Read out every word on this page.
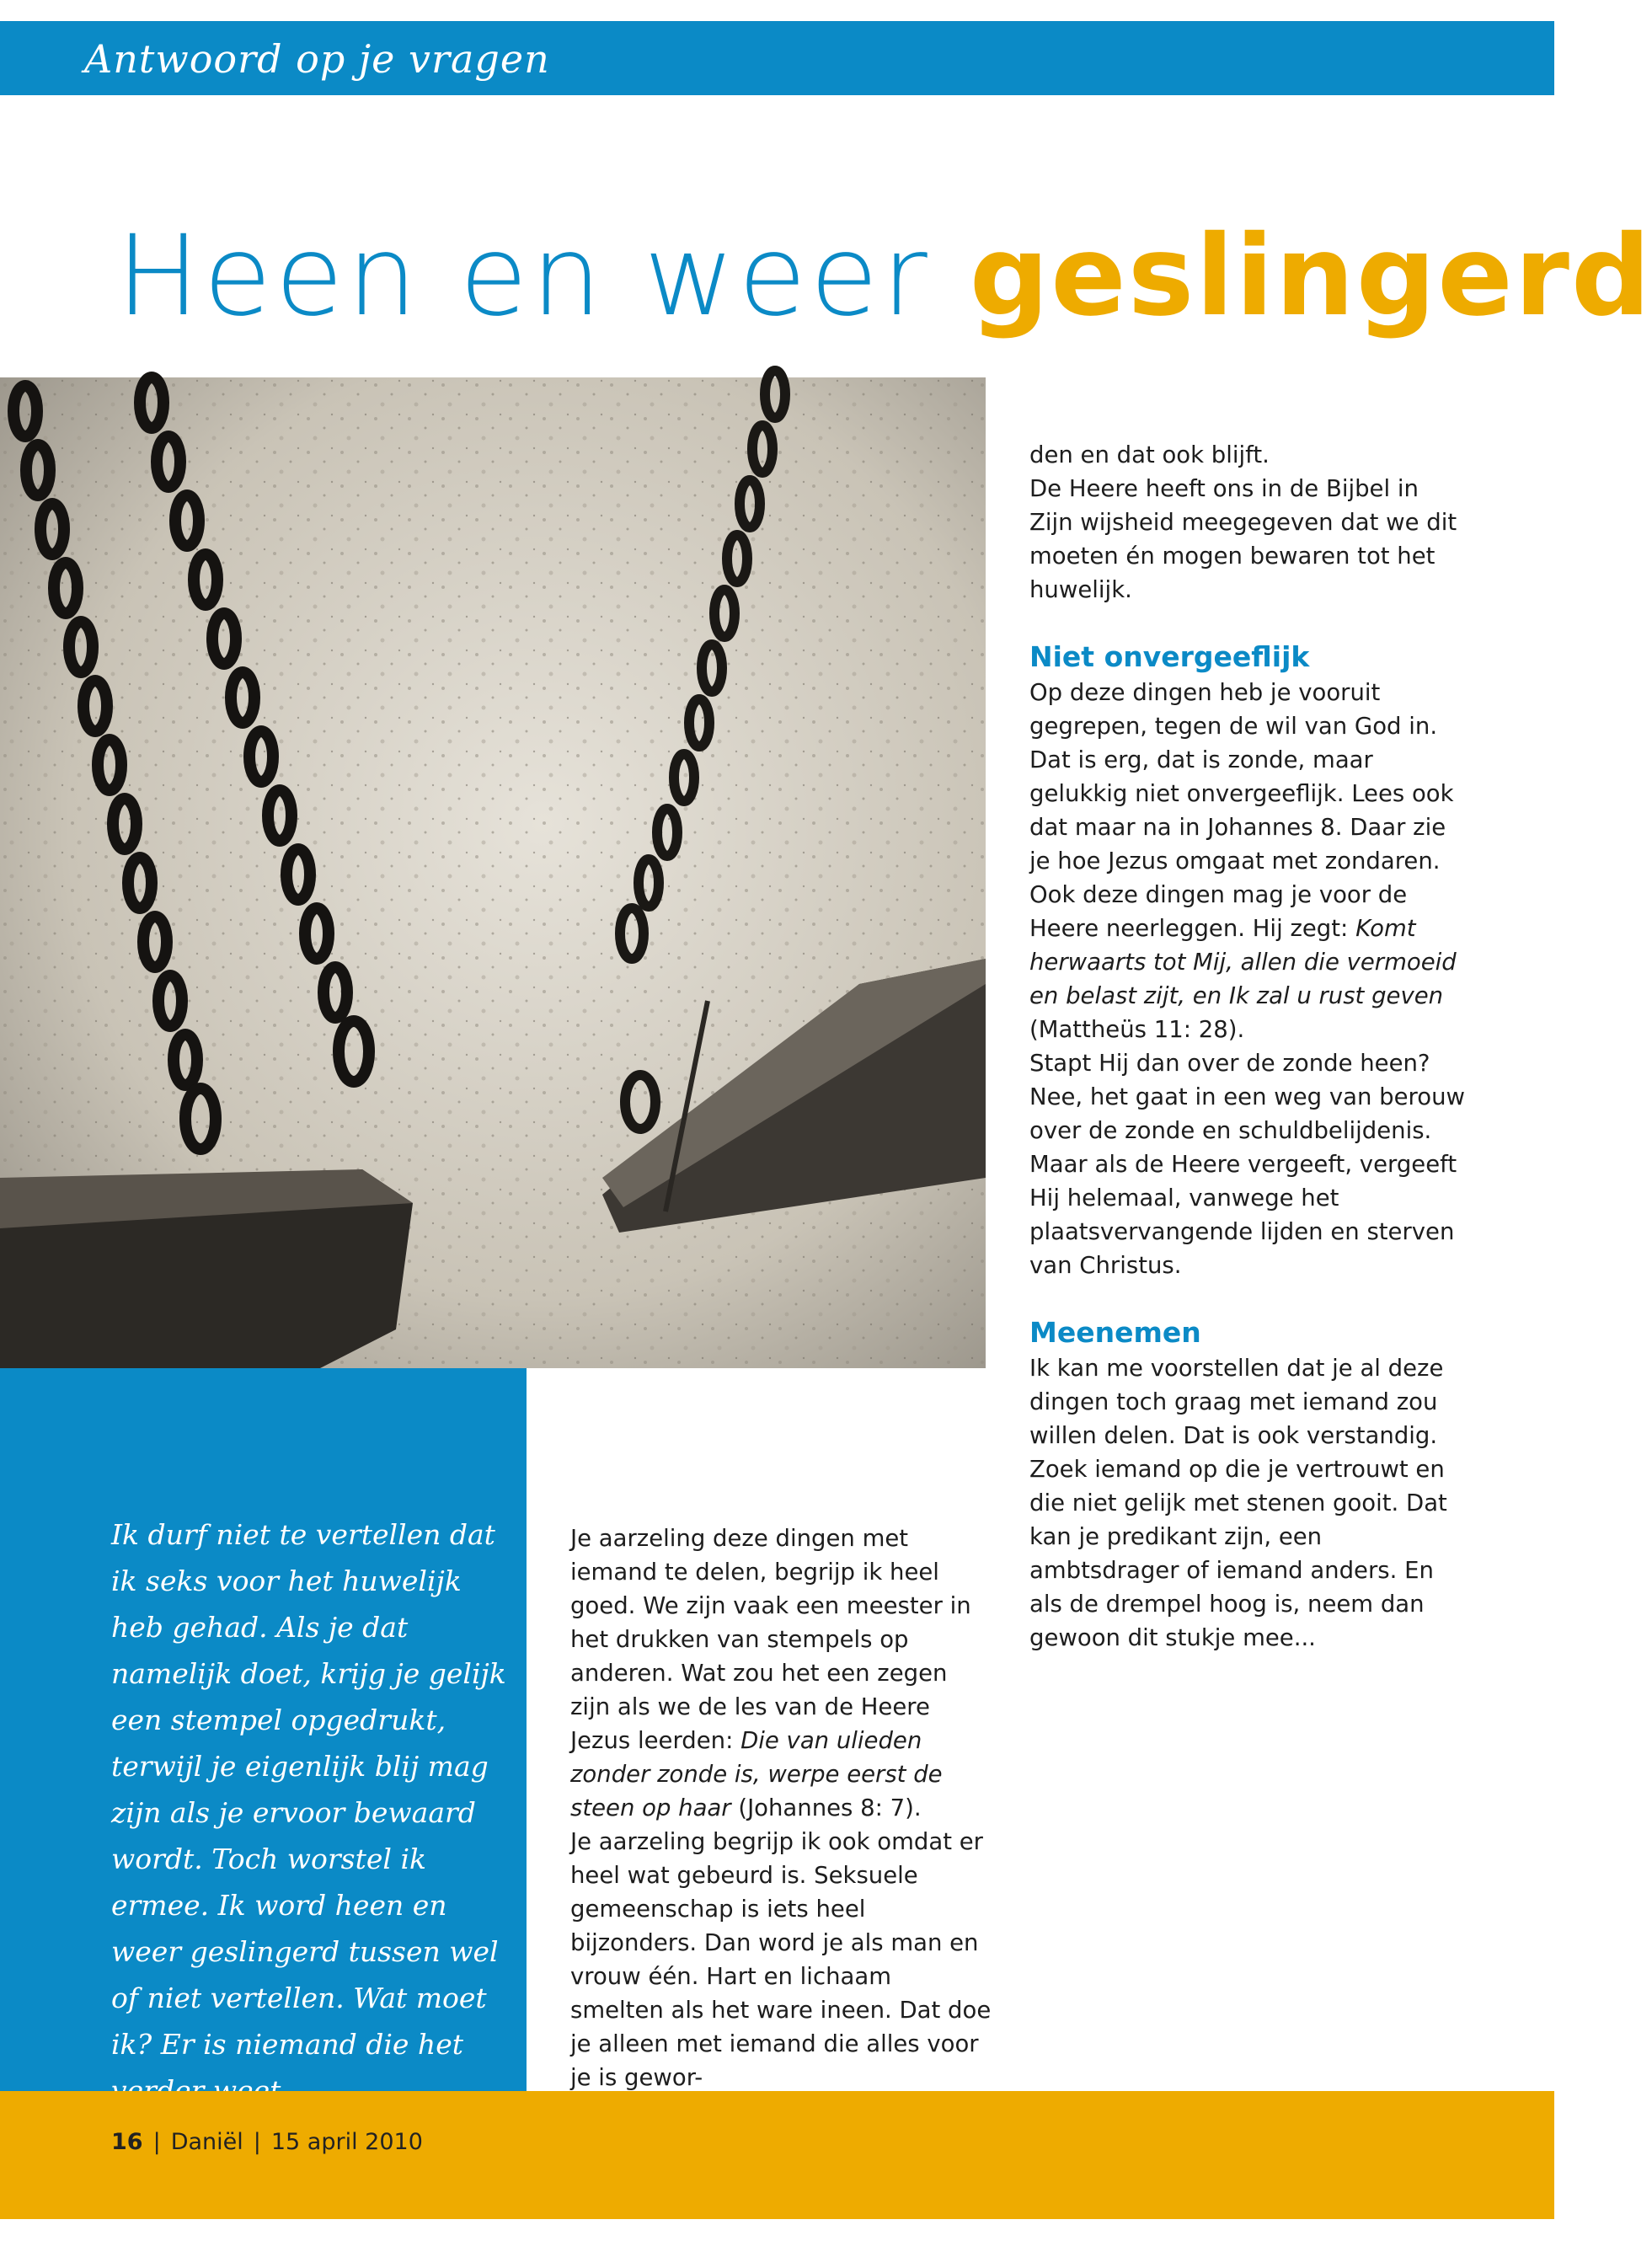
Antwoord op je vragen

Heen en weer geslingerd

Ik durf niet te vertellen dat ik seks voor het huwelijk heb gehad. Als je dat namelijk doet, krijg je gelijk een stempel opgedrukt, terwijl je eigenlijk blij mag zijn als je ervoor bewaard wordt. Toch worstel ik ermee. Ik word heen en weer geslingerd tussen wel of niet vertellen. Wat moet ik? Er is niemand die het

Je aarzeling deze dingen met iemand te delen, begrijp ik heel goed. We zijn vaak een meester in het drukken van stempels op anderen. Wat zou het een zegen zijn als we de les van de Heere Jezus leerden: Die van ulieden zonder zonde is, werpe eerst de steen op haar (Johannes 8: 7).

Je aarzeling begrijp ik ook omdat er heel wat gebeurd is. Seksuele gemeenschap is iets heel bijzonders. Dan word je als man en vrouw één. Hart en lichaam smelten als het ware ineen. Dat doe je alleen met iemand die alles voor je is gewor-

den en dat ook blijft.

De Heere heeft ons in de Bijbel in Zijn wijsheid meegegeven dat we dit moeten én mogen bewaren tot het huwelijk.

Niet onvergeeflijk

Op deze dingen heb je vooruit gegrepen, tegen de wil van God in. Dat is erg, dat is zonde, maar gelukkig niet onvergeeflijk. Lees ook dat maar na in Johannes 8. Daar zie je hoe Jezus omgaat met zondaren. Ook deze dingen mag je voor de Heere neerleggen. Hij zegt: Komt herwaarts tot Mij, allen die vermoeid en belast zijt, en Ik zal u rust geven (Mattheüs 11: 28).

Stapt Hij dan over de zonde heen? Nee, het gaat in een weg van berouw over de zonde en schuldbelijdenis. Maar als de Heere vergeeft, vergeeft Hij helemaal, vanwege het plaatsvervangende lijden en sterven van Christus.

Meenemen

Ik kan me voorstellen dat je al deze dingen toch graag met iemand zou willen delen. Dat is ook verstandig. Zoek iemand op die je vertrouwt en die niet gelijk met stenen gooit. Dat kan je predikant zijn, een ambtsdrager of iemand anders. En als de drempel hoog is, neem dan gewoon dit stukje mee...

16 | Daniël | 15 april 2010
